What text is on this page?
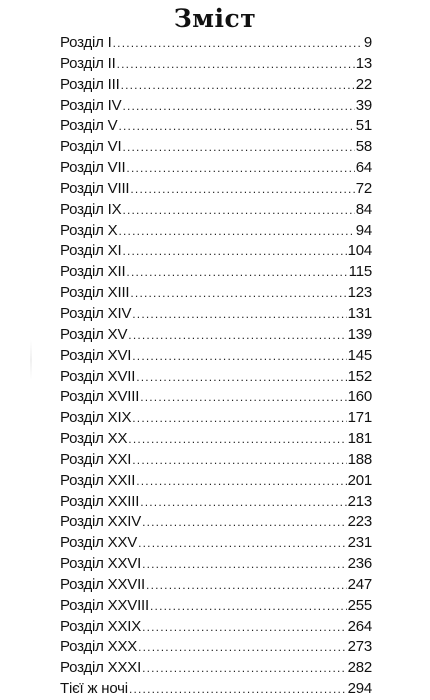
Зміст
Розділ I .....	9
Розділ II .....	13
Розділ III .....	22
Розділ IV .....	39
Розділ V .....	51
Розділ VI .....	58
Розділ VII .....	64
Розділ VIII .....	72
Розділ IX .....	84
Розділ X .....	94
Розділ XI .....	104
Розділ XII .....	115
Розділ XIII .....	123
Розділ XIV .....	131
Розділ XV .....	139
Розділ XVI .....	145
Розділ XVII .....	152
Розділ XVIII .....	160
Розділ XIX .....	171
Розділ XX .....	181
Розділ XXI .....	188
Розділ XXII .....	201
Розділ XXIII .....	213
Розділ XXIV .....	223
Розділ XXV .....	231
Розділ XXVI .....	236
Розділ XXVII .....	247
Розділ XXVIII .....	255
Розділ XXIX .....	264
Розділ XXX .....	273
Розділ XXXI .....	282
Тієї ж ночі .....	294
